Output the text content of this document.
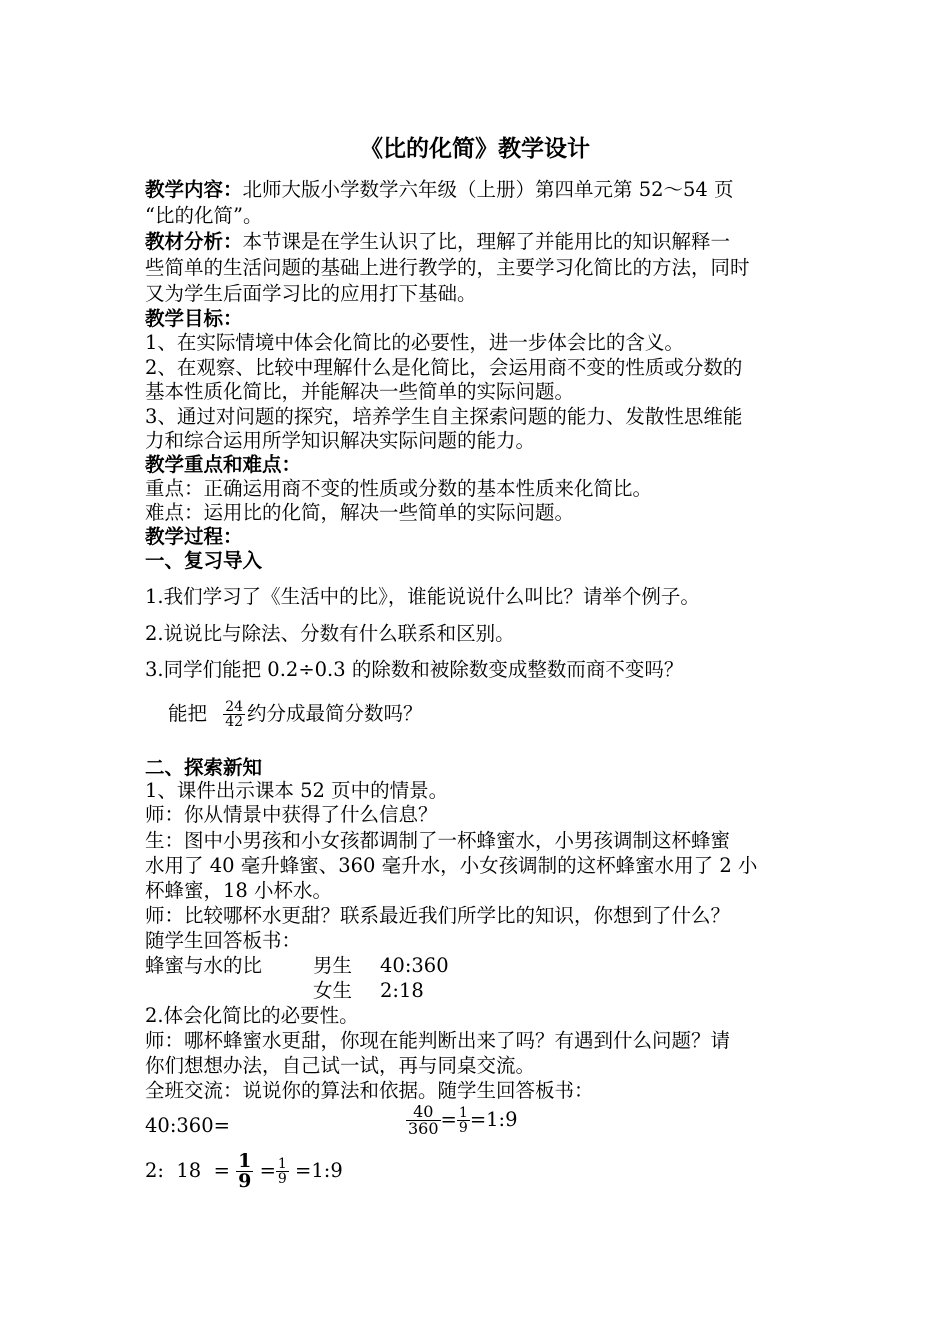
《比的化简》教学设计
教学内容：北师大版小学数学六年级（上册）第四单元第 52～54 页
“比的化简”。
教材分析：本节课是在学生认识了比，理解了并能用比的知识解释一
些简单的生活问题的基础上进行教学的，主要学习化简比的方法，同时
又为学生后面学习比的应用打下基础。
教学目标：
1、在实际情境中体会化简比的必要性，进一步体会比的含义。
2、在观察、比较中理解什么是化简比，会运用商不变的性质或分数的
基本性质化简比，并能解决一些简单的实际问题。
3、通过对问题的探究，培养学生自主探索问题的能力、发散性思维能
力和综合运用所学知识解决实际问题的能力。
教学重点和难点：
重点：正确运用商不变的性质或分数的基本性质来化简比。
难点：运用比的化简，解决一些简单的实际问题。
教学过程：
一、复习导入
1.我们学习了《生活中的比》，谁能说说什么叫比？请举个例子。
2.说说比与除法、分数有什么联系和区别。
3.同学们能把 0.2÷0.3 的除数和被除数变成整数而商不变吗？
能把 $\frac{24}{42}$ 约分成最简分数吗？
二、探索新知
1、课件出示课本 52 页中的情景。
师：你从情景中获得了什么信息？
生：图中小男孩和小女孩都调制了一杯蜂蜜水，小男孩调制这杯蜂蜜
水用了 40 毫升蜂蜜、360 毫升水，小女孩调制的这杯蜂蜜水用了 2 小
杯蜂蜜，18 小杯水。
师：比较哪杯水更甜？联系最近我们所学比的知识，你想到了什么？
随学生回答板书：
蜂蜜与水的比	男生 40:360
女生 2:18
2.体会化简比的必要性。
师：哪杯蜂蜜水更甜，你现在能判断出来了吗？有遇到什么问题？请
你们想想办法，自己试一试，再与同桌交流。
全班交流：说说你的算法和依据。随学生回答板书：
40:360=	$\frac{40}{360} = \frac{1}{9}$ =1:9
2:  $18 = \frac{1}{9} = \frac{1}{9}$ =1:9
